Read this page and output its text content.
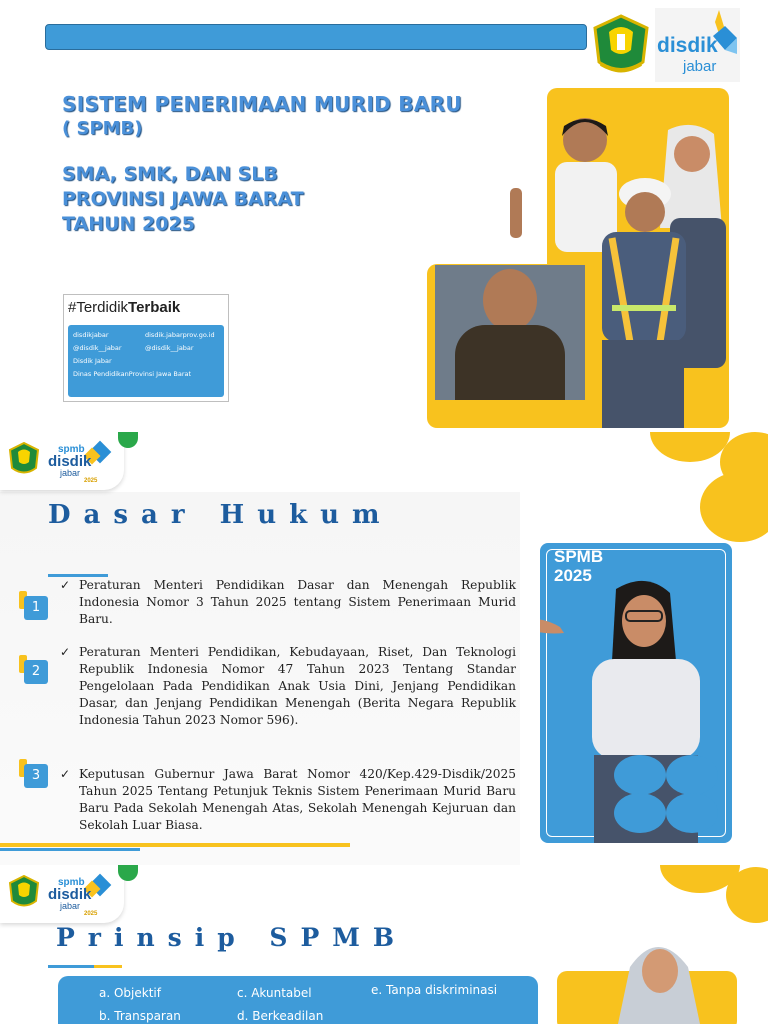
disdik
jabar
SISTEM PENERIMAAN MURID BARU
( SPMB)
SMA, SMK, DAN SLB
PROVINSI JAWA BARAT
TAHUN 2025
#TerdidikTerbaik
disdikjabar	disdik.jabarprov.go.id
@disdik__jabar	@disdik__jabar
Disdik Jabar
Dinas PendidikanProvinsi Jawa Barat
spmb
disdik
jabar
2025
Dasar Hukum
1
✓ Peraturan Menteri Pendidikan Dasar dan Menengah Republik Indonesia Nomor 3 Tahun 2025 tentang Sistem Penerimaan Murid Baru.
2
✓ Peraturan Menteri Pendidikan, Kebudayaan, Riset, Dan Teknologi Republik Indonesia Nomor 47 Tahun 2023 Tentang Standar Pengelolaan Pada Pendidikan Anak Usia Dini, Jenjang Pendidikan Dasar, dan Jenjang Pendidikan Menengah (Berita Negara Republik Indonesia Tahun 2023 Nomor 596).
3	✓ Keputusan Gubernur Jawa Barat Nomor 420/Kep.429-Disdik/2025 Tahun 2025 Tentang Petunjuk Teknis Sistem Penerimaan Murid Baru Baru Pada Sekolah Menengah Atas, Sekolah Menengah Kejuruan dan Sekolah Luar Biasa.
SPMB
2025
spmb
disdik
jabar
2025
Prinsip SPMB
a. Objektif	c. Akuntabel	e. Tanpa diskriminasi
b. Transparan	d. Berkeadilan
